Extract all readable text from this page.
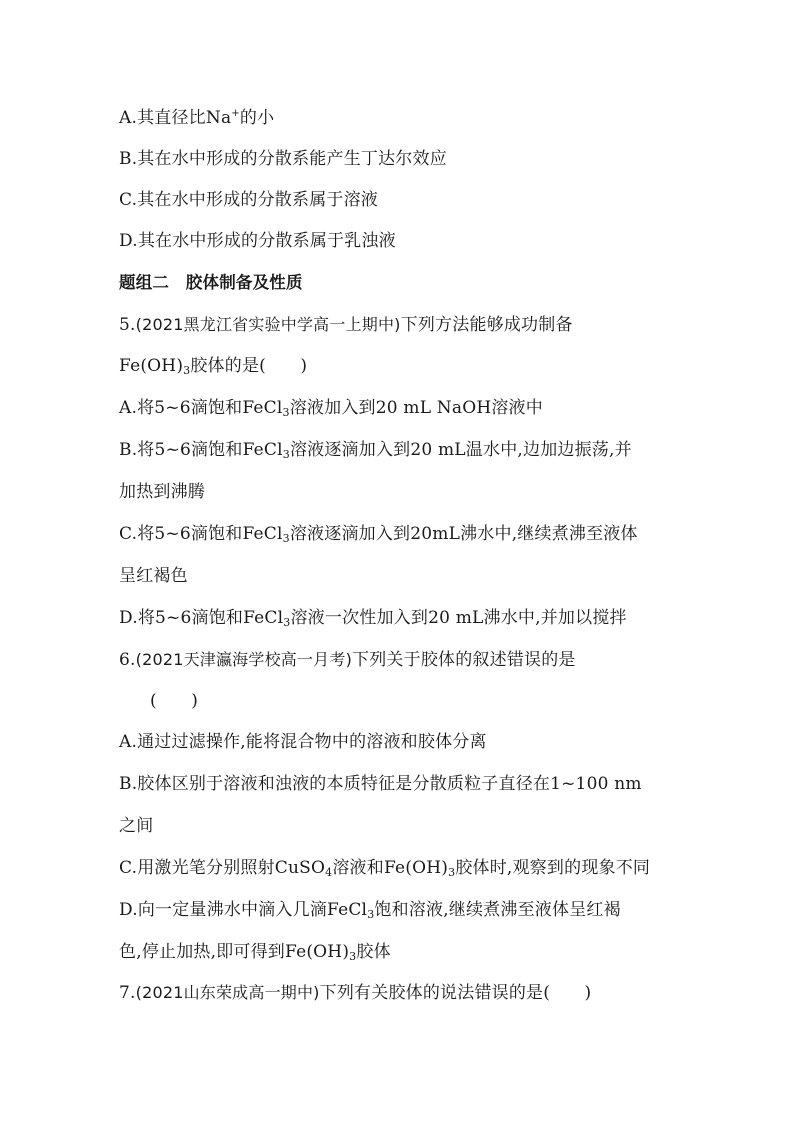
A.其直径比Na+的小
B.其在水中形成的分散系能产生丁达尔效应
C.其在水中形成的分散系属于溶液
D.其在水中形成的分散系属于乳浊液
题组二　胶体制备及性质
5.(2021黑龙江省实验中学高一上期中)下列方法能够成功制备
$Fe(OH)_3$胶体的是(　　)
A.将5~6滴饱和FeCl$_3$溶液加入到20 mL NaOH溶液中
B.将5~6滴饱和FeCl$_3$溶液逐滴加入到20 mL温水中,边加边振荡,并
加热到沸腾
C.将5~6滴饱和FeCl$_3$溶液逐滴加入到20mL沸水中,继续煮沸至液体
呈红褐色
D.将5~6滴饱和FeCl$_3$溶液一次性加入到20 mL沸水中,并加以搅拌
6.(2021天津瀛海学校高一月考)下列关于胶体的叙述错误的是
(　　)
A.通过过滤操作,能将混合物中的溶液和胶体分离
B.胶体区别于溶液和浊液的本质特征是分散质粒子直径在1~100 nm
之间
C.用激光笔分别照射CuSO$_4$溶液和$Fe(OH)_3$胶体时,观察到的现象不同
D.向一定量沸水中滴入几滴FeCl$_3$饱和溶液,继续煮沸至液体呈红褐
色,停止加热,即可得到$Fe(OH)_3$胶体
7.(2021山东荣成高一期中)下列有关胶体的说法错误的是(　　)
